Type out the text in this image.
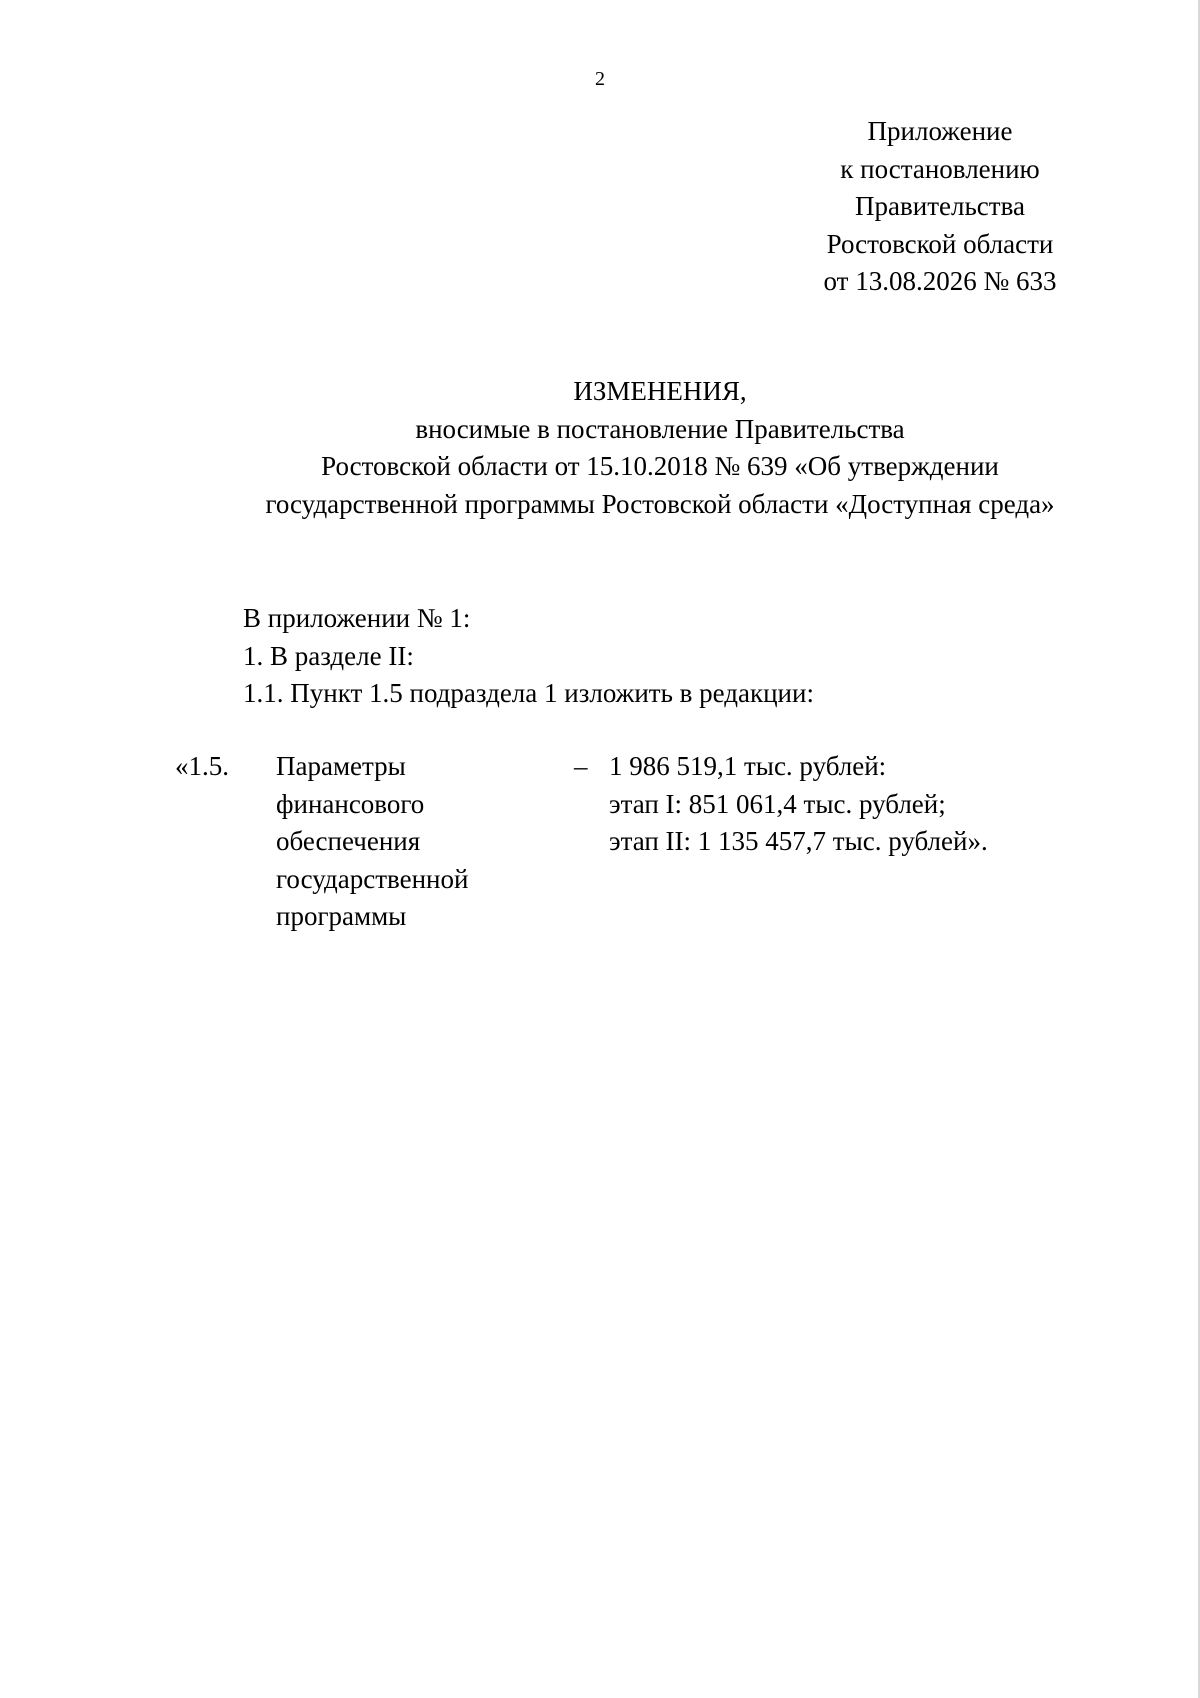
2
Приложение
к постановлению
Правительства
Ростовской области
от 13.08.2026 № 633
ИЗМЕНЕНИЯ,
вносимые в постановление Правительства
Ростовской области от 15.10.2018 № 639 «Об утверждении
государственной программы Ростовской области «Доступная среда»
В приложении № 1:
1. В разделе II:
1.1. Пункт 1.5 подраздела 1 изложить в редакции:
«1.5. Параметры
финансового
обеспечения
государственной
программы
– 1 986 519,1 тыс. рублей:
этап I: 851 061,4 тыс. рублей;
этап II: 1 135 457,7 тыс. рублей».
